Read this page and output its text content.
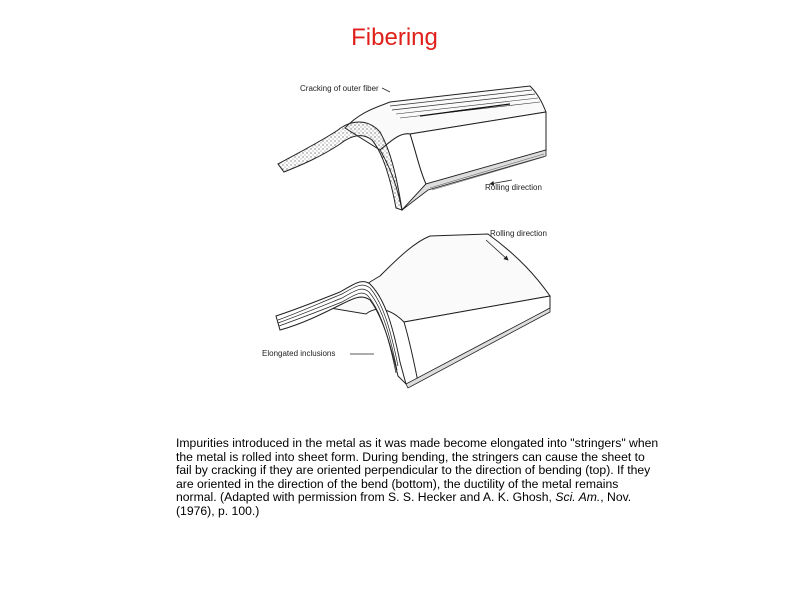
Fibering
Cracking of outer fiber
Rolling direction
Rolling direction
Elongated inclusions
Impurities introduced in the metal as it was made become elongated into "stringers" when the metal is rolled into sheet form. During bending, the stringers can cause the sheet to fail by cracking if they are oriented perpendicular to the direction of bending (top). If they are oriented in the direction of the bend (bottom), the ductility of the metal remains normal. (Adapted with permission from S. S. Hecker and A. K. Ghosh, Sci. Am., Nov. (1976), p. 100.)
